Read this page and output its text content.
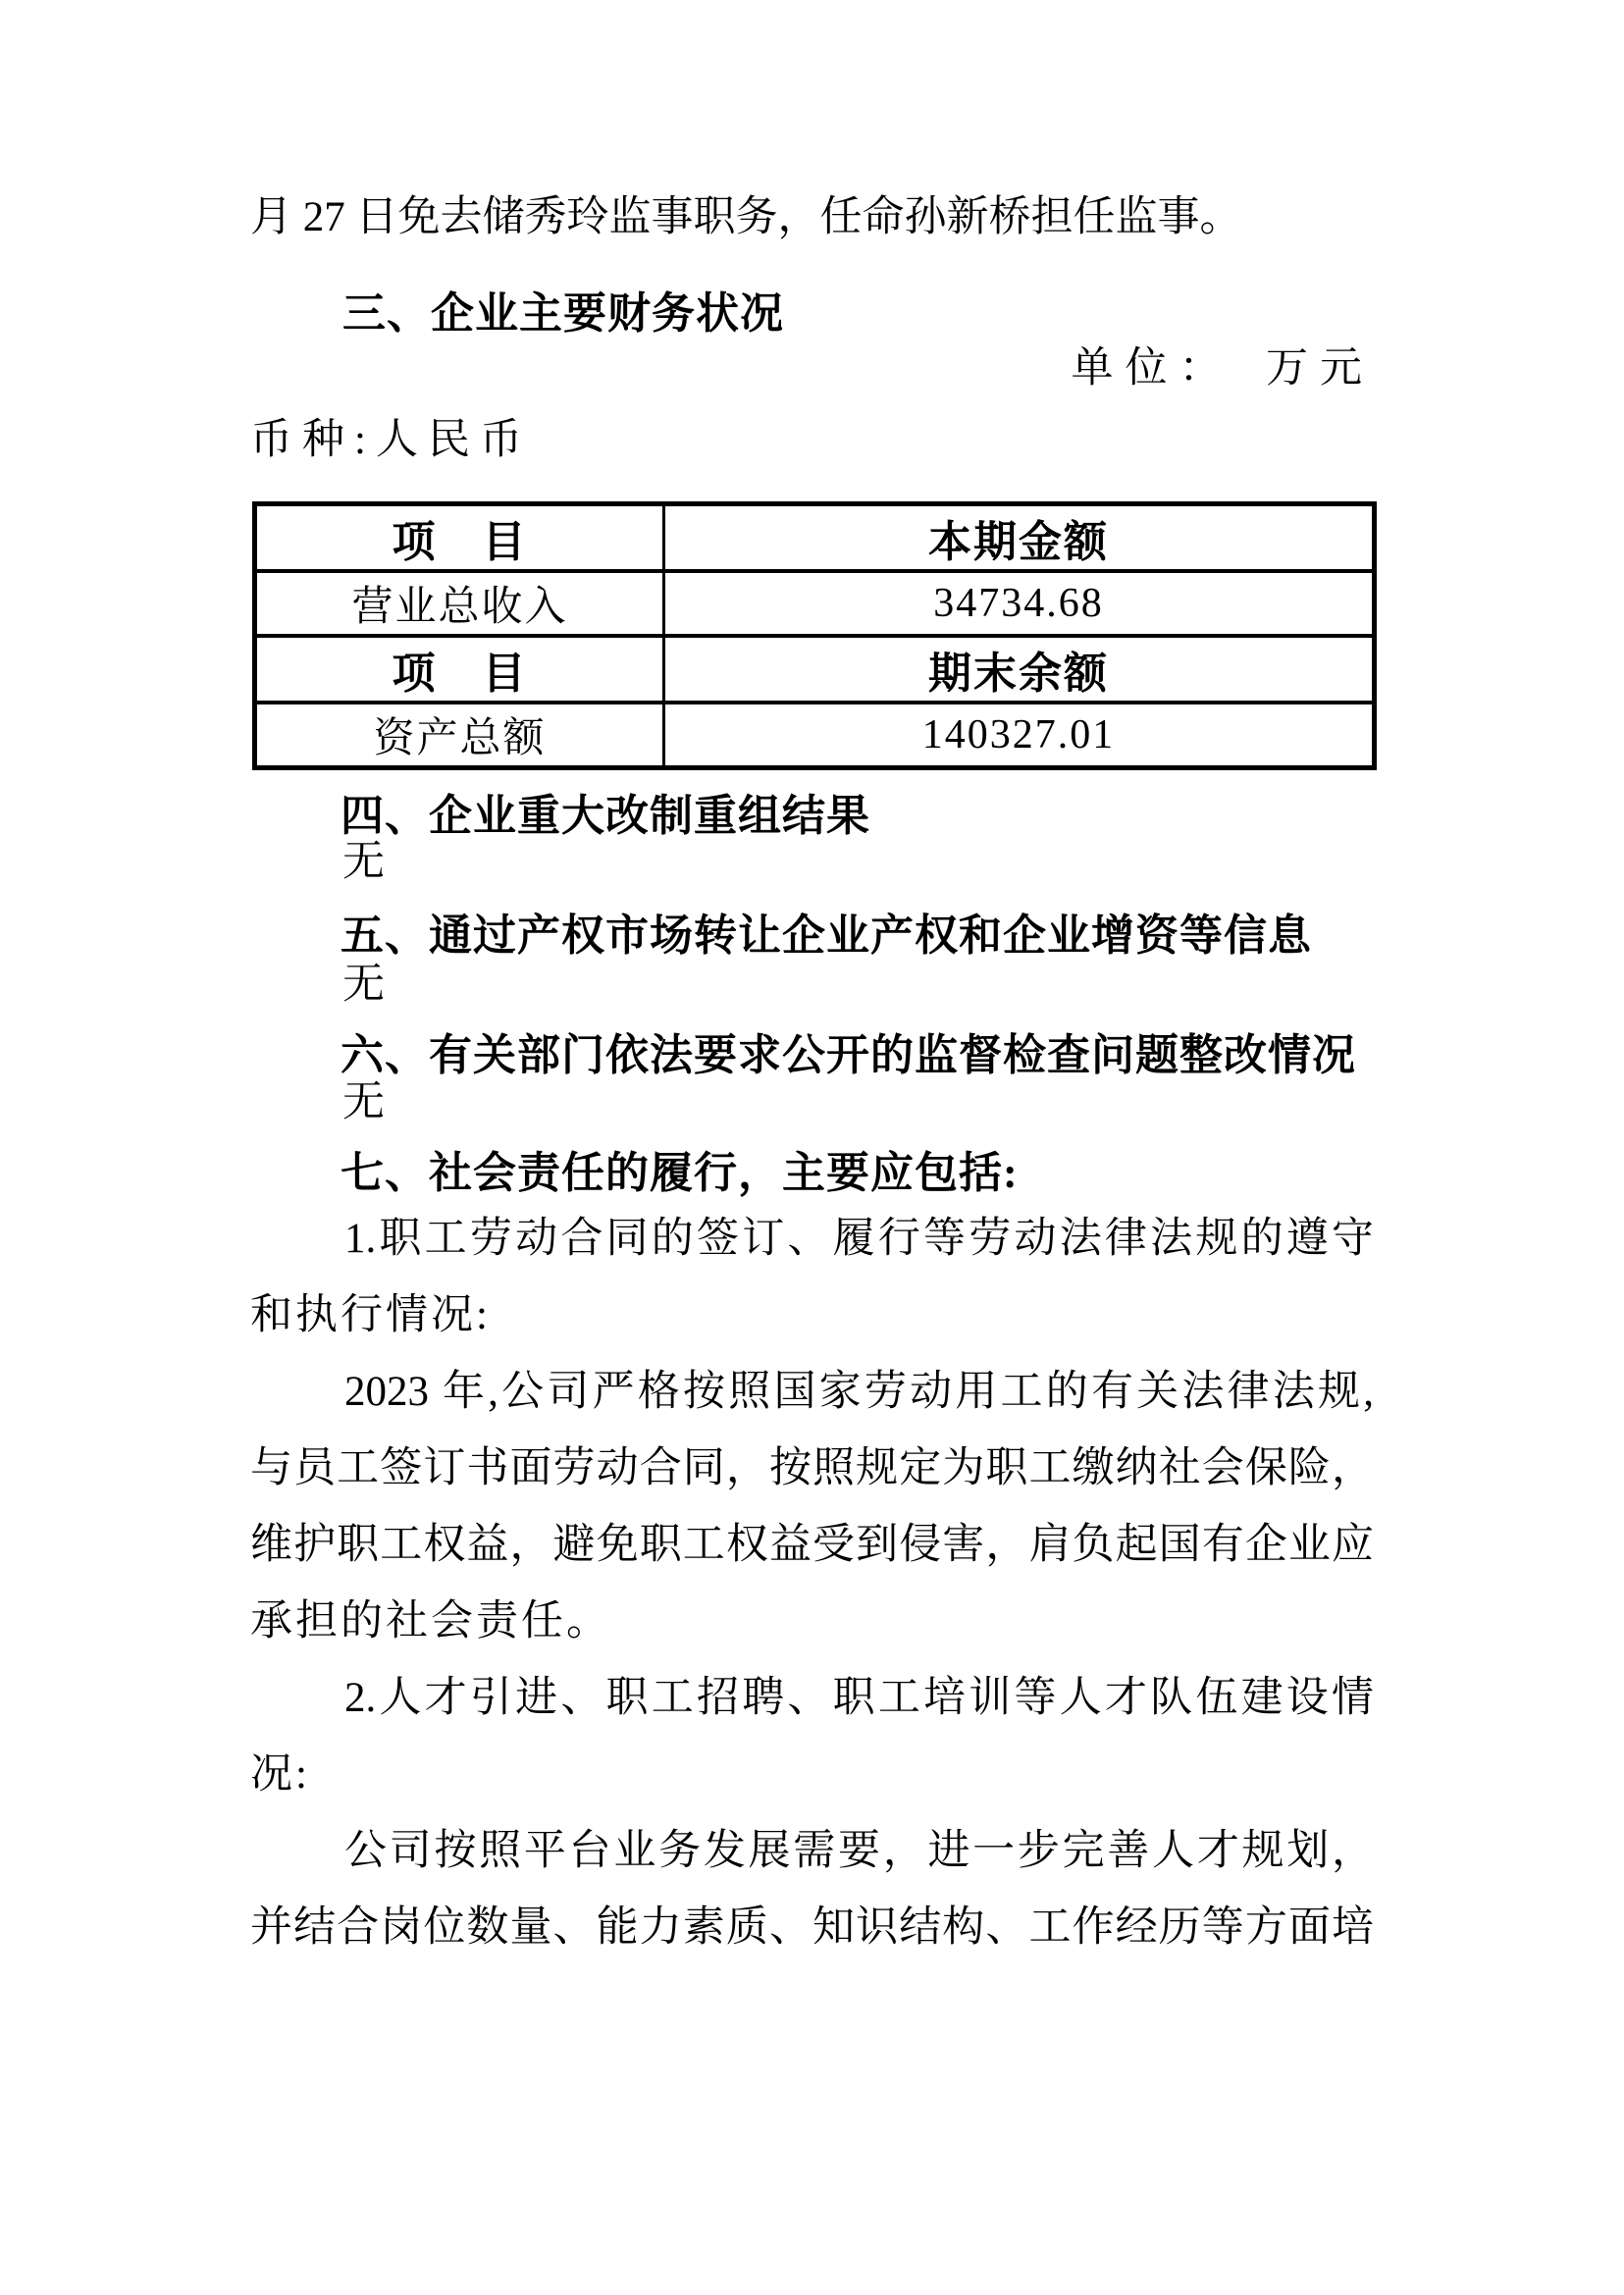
月 27 日免去储秀玲监事职务，任命孙新桥担任监事。
三、企业主要财务状况
单位：　万元
币种:人民币
项　目	本期金额
营业总收入	34734.68
项　目	期末余额
资产总额	140327.01
四、企业重大改制重组结果
无
五、通过产权市场转让企业产权和企业增资等信息
无
六、有关部门依法要求公开的监督检查问题整改情况
无
七、社会责任的履行，主要应包括:
1.职工劳动合同的签订、履行等劳动法律法规的遵守
和执行情况:
2023 年,公司严格按照国家劳动用工的有关法律法规,
与员工签订书面劳动合同，按照规定为职工缴纳社会保险，
维护职工权益，避免职工权益受到侵害，肩负起国有企业应
承担的社会责任。
2.人才引进、职工招聘、职工培训等人才队伍建设情
况:
公司按照平台业务发展需要，进一步完善人才规划，
并结合岗位数量、能力素质、知识结构、工作经历等方面培
